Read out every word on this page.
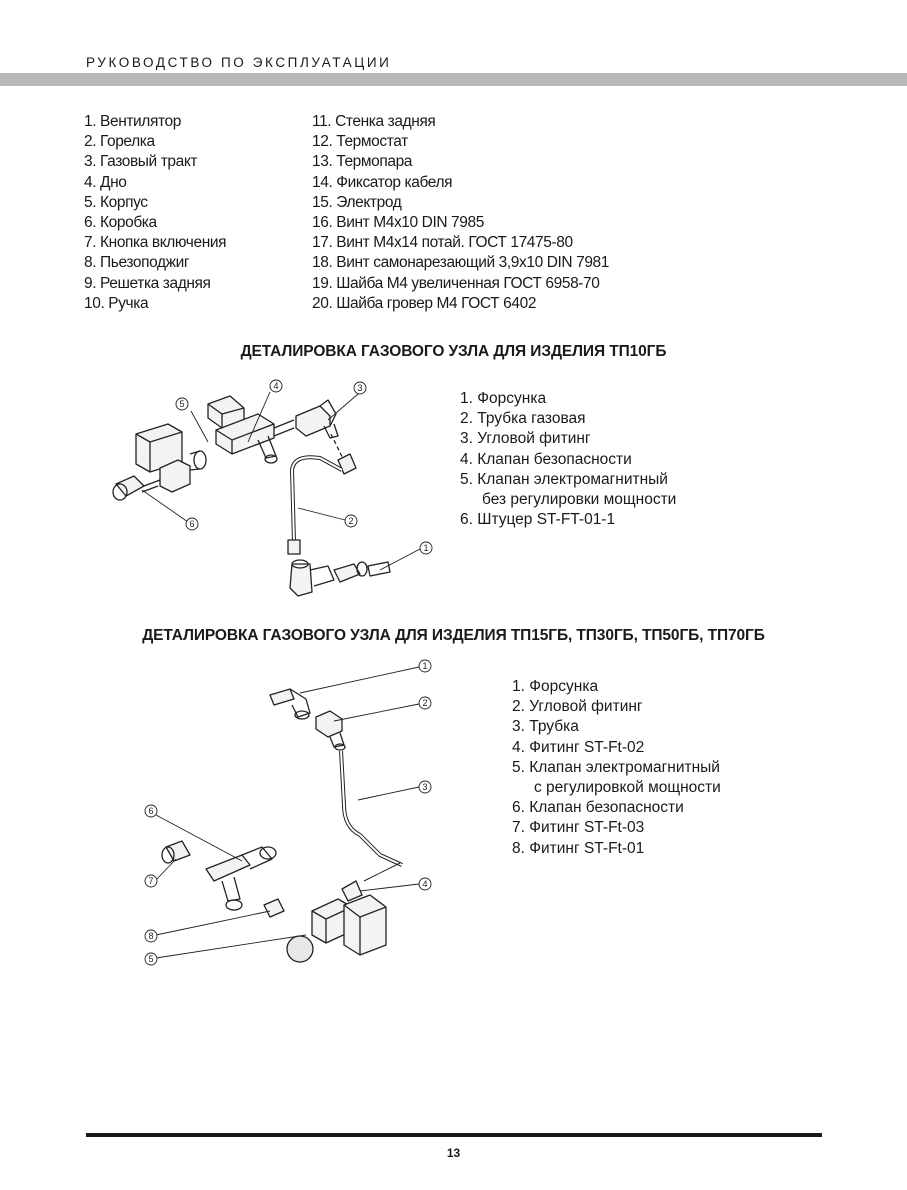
РУКОВОДСТВО ПО ЭКСПЛУАТАЦИИ
1. Вентилятор
2. Горелка
3. Газовый тракт
4. Дно
5. Корпус
6. Коробка
7. Кнопка включения
8. Пьезоподжиг
9. Решетка задняя
10. Ручка
11. Стенка задняя
12. Термостат
13. Термопара
14. Фиксатор кабеля
15. Электрод
16. Винт М4х10 DIN 7985
17. Винт М4х14 потай. ГОСТ 17475-80
18. Винт самонарезающий 3,9х10 DIN 7981
19. Шайба М4 увеличенная ГОСТ 6958-70
20. Шайба гровер М4 ГОСТ 6402
ДЕТАЛИРОВКА ГАЗОВОГО УЗЛА ДЛЯ ИЗДЕЛИЯ ТП10ГБ
5
4	3
6	2
1
1. Форсунка
2. Трубка газовая
3. Угловой фитинг
4. Клапан безопасности
5. Клапан электромагнитный
без регулировки мощности
6. Штуцер ST-FT-01-1
ДЕТАЛИРОВКА ГАЗОВОГО УЗЛА ДЛЯ ИЗДЕЛИЯ ТП15ГБ, ТП30ГБ, ТП50ГБ, ТП70ГБ
1
2
3
4
6
7
8
5
1. Форсунка
2. Угловой фитинг
3. Трубка
4. Фитинг ST-Ft-02
5. Клапан электромагнитный
с регулировкой мощности
6. Клапан безопасности
7. Фитинг ST-Ft-03
8. Фитинг ST-Ft-01
13
